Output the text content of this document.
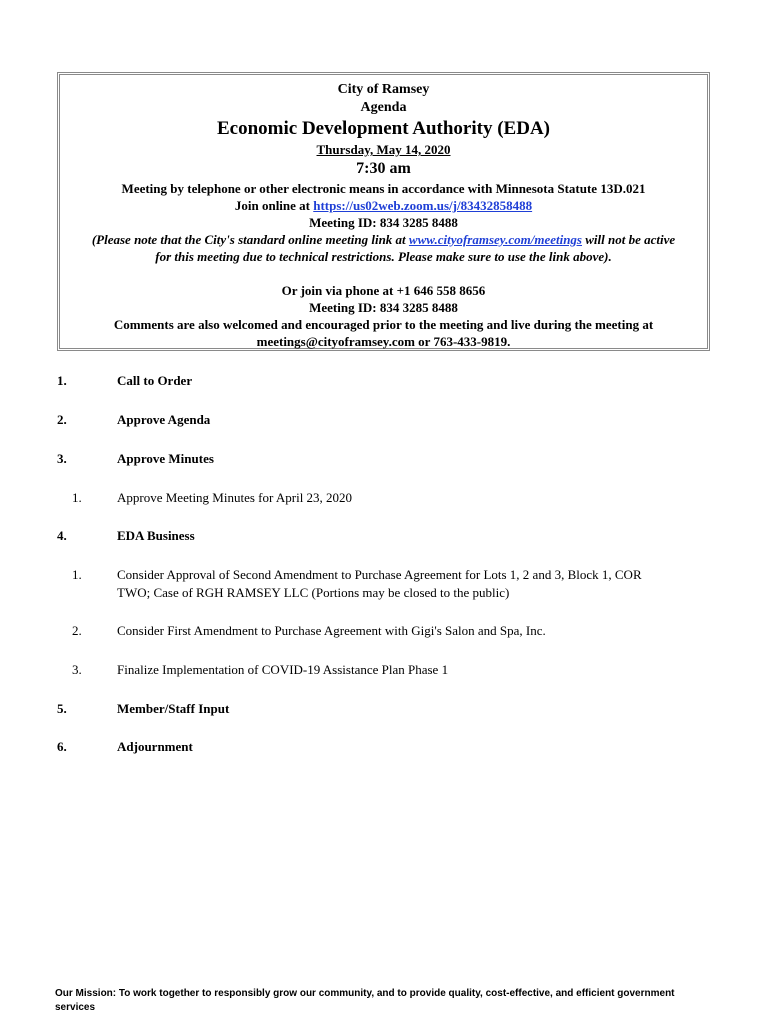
City of Ramsey

Agenda

Economic Development Authority (EDA)

Thursday, May 14, 2020

7:30 am

Meeting by telephone or other electronic means in accordance with Minnesota Statute 13D.021

Join online at https://us02web.zoom.us/j/83432858488

Meeting ID: 834 3285 8488

(Please note that the City's standard online meeting link at www.cityoframsey.com/meetings will not be active

for this meeting due to technical restrictions. Please make sure to use the link above).

Or join via phone at +1 646 558 8656

Meeting ID: 834 3285 8488

Comments are also welcomed and encouraged prior to the meeting and live during the meeting at

meetings@cityoframsey.com or 763-433-9819.

1.	Call to Order
2.	Approve Agenda
3.	Approve Minutes
1.	Approve Meeting Minutes for April 23, 2020
4.	EDA Business
1.	Consider Approval of Second Amendment to Purchase Agreement for Lots 1, 2 and 3, Block 1, COR
TWO; Case of RGH RAMSEY LLC (Portions may be closed to the public)
2.	Consider First Amendment to Purchase Agreement with Gigi's Salon and Spa, Inc.
3.	Finalize Implementation of COVID-19 Assistance Plan Phase 1
5.	Member/Staff Input
6.	Adjournment
Our Mission: To work together to responsibly grow our community, and to provide quality, cost-effective, and efficient government services
